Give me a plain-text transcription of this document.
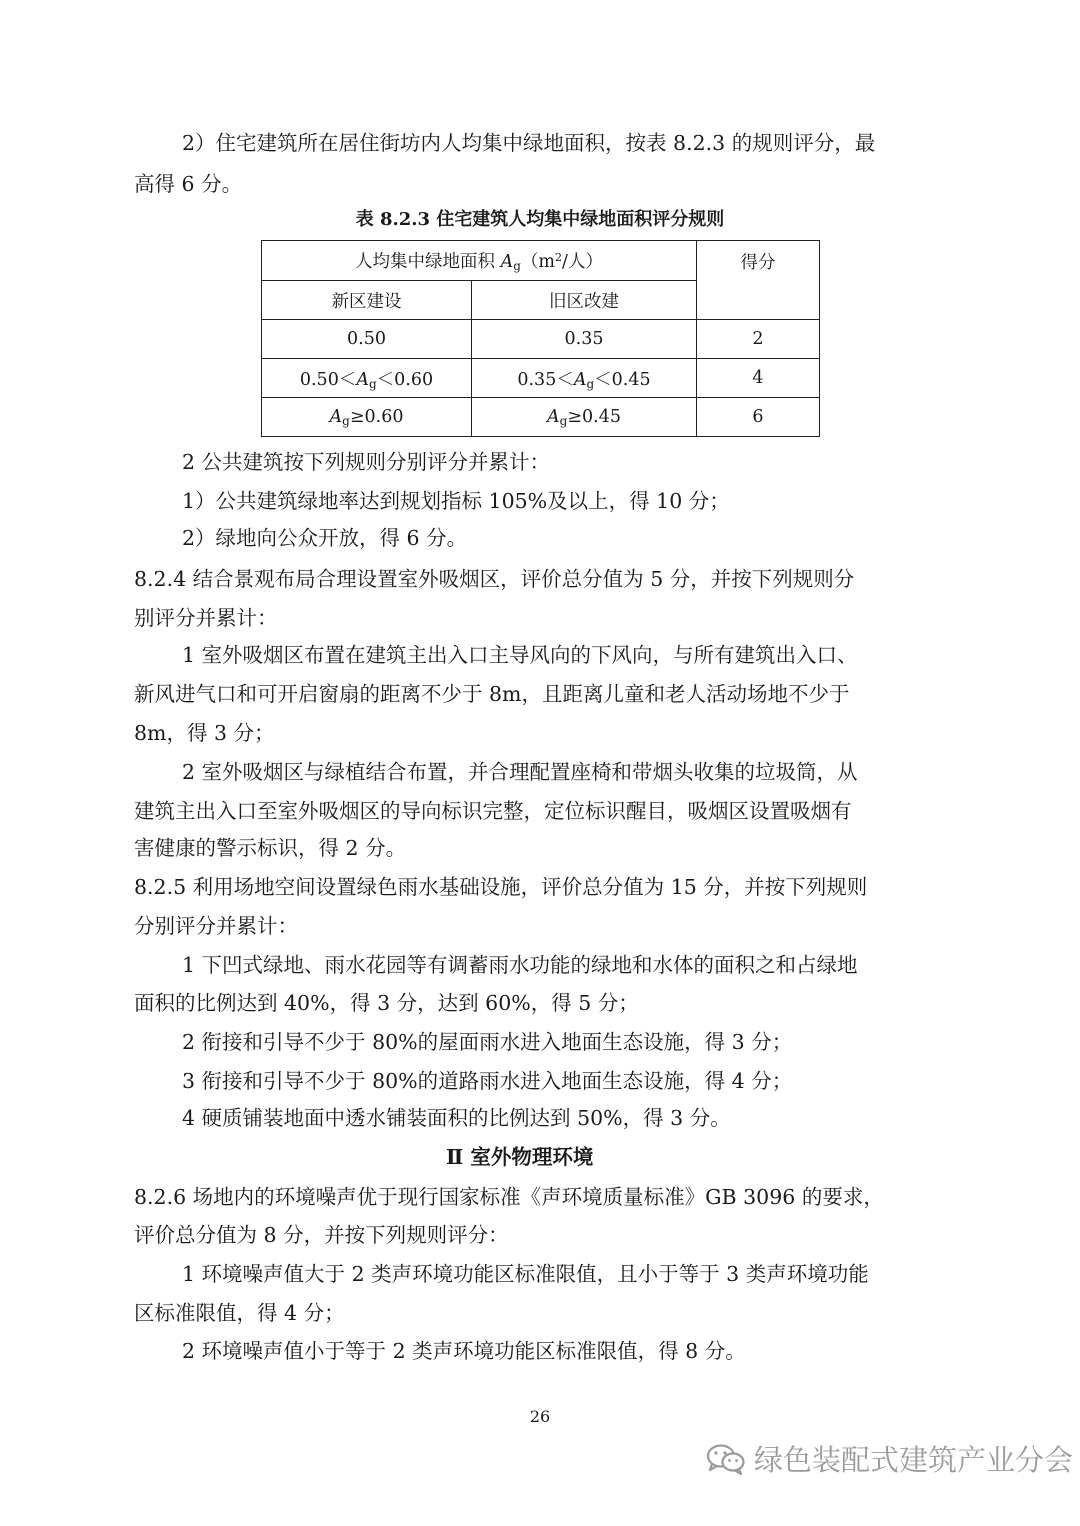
2）住宅建筑所在居住街坊内人均集中绿地面积，按表 8.2.3 的规则评分，最
高得 6 分。
表 8.2.3 住宅建筑人均集中绿地面积评分规则
人均集中绿地面积 $A_g(m^2/$人）		得分
新区建设	旧区改建	
0.50	0.35	2
$0.50<A_g<0.60$	$0.35<A_g<0.45$	4
$A_g\ge 0.60$	$A_g\ge 0.45$	6
2 公共建筑按下列规则分别评分并累计：
1）公共建筑绿地率达到规划指标 105%及以上，得 10 分；
2）绿地向公众开放，得 6 分。
8.2.4 结合景观布局合理设置室外吸烟区，评价总分值为 5 分，并按下列规则分
别评分并累计：
1 室外吸烟区布置在建筑主出入口主导风向的下风向，与所有建筑出入口、
新风进气口和可开启窗扇的距离不少于 8m，且距离儿童和老人活动场地不少于
8m，得 3 分；
2 室外吸烟区与绿植结合布置，并合理配置座椅和带烟头收集的垃圾筒，从
建筑主出入口至室外吸烟区的导向标识完整，定位标识醒目，吸烟区设置吸烟有
害健康的警示标识，得 2 分。
8.2.5 利用场地空间设置绿色雨水基础设施，评价总分值为 15 分，并按下列规则
分别评分并累计：
1 下凹式绿地、雨水花园等有调蓄雨水功能的绿地和水体的面积之和占绿地
面积的比例达到 40%，得 3 分，达到 60%，得 5 分；
2 衔接和引导不少于 80%的屋面雨水进入地面生态设施，得 3 分；
3 衔接和引导不少于 80%的道路雨水进入地面生态设施，得 4 分；
4 硬质铺装地面中透水铺装面积的比例达到 50%，得 3 分。
Ⅱ 室外物理环境
8.2.6 场地内的环境噪声优于现行国家标准《声环境质量标准》GB 3096 的要求，
评价总分值为 8 分，并按下列规则评分：
1 环境噪声值大于 2 类声环境功能区标准限值，且小于等于 3 类声环境功能
区标准限值，得 4 分；
2 环境噪声值小于等于 2 类声环境功能区标准限值，得 8 分。
26
绿色装配式建筑产业分会
